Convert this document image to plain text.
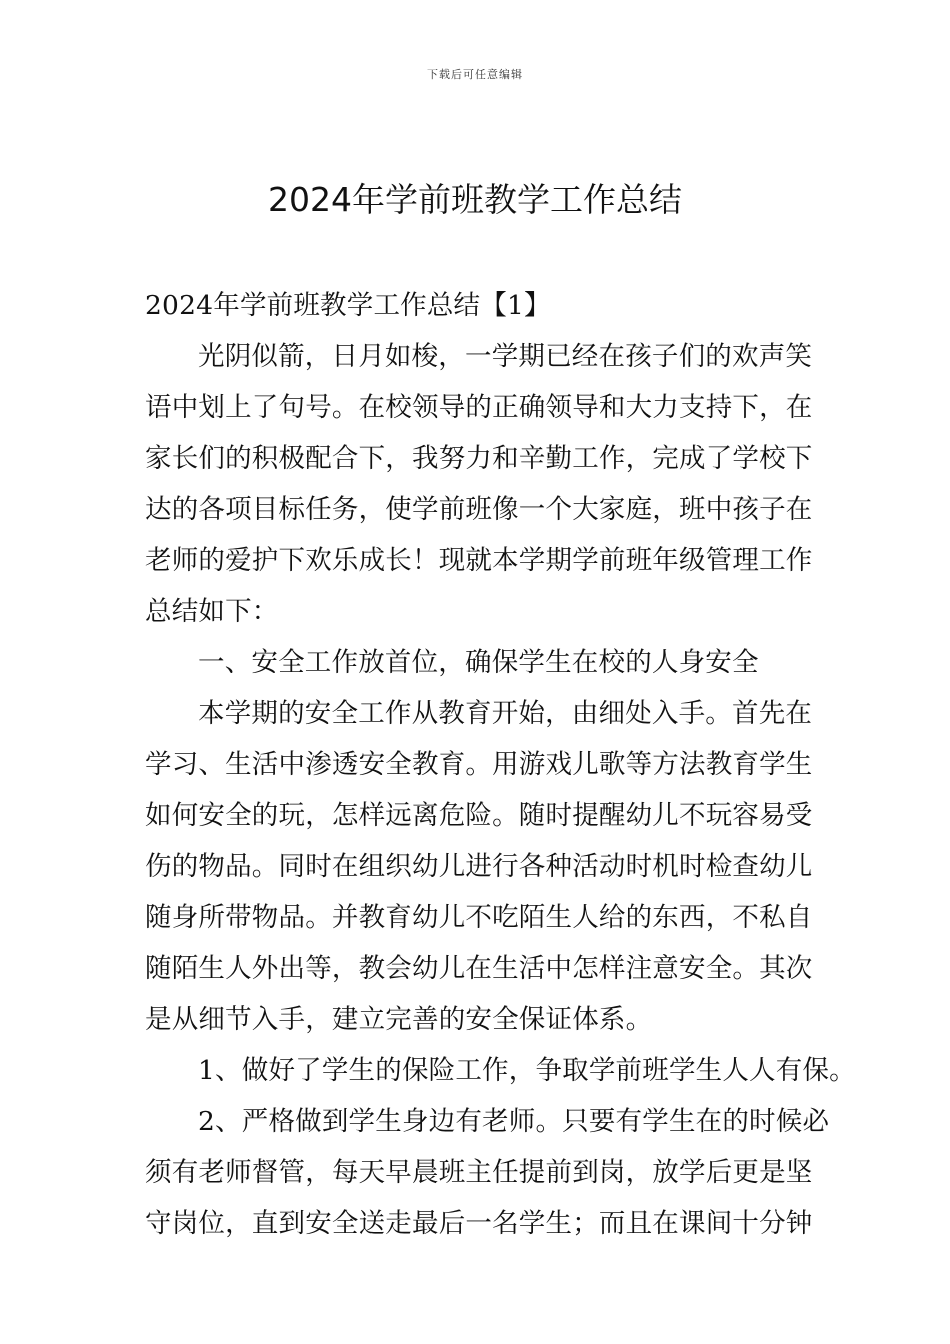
下载后可任意编辑
2024年学前班教学工作总结
2024年学前班教学工作总结【1】
光阴似箭，日月如梭，一学期已经在孩子们的欢声笑
语中划上了句号。在校领导的正确领导和大力支持下，在
家长们的积极配合下，我努力和辛勤工作，完成了学校下
达的各项目标任务，使学前班像一个大家庭，班中孩子在
老师的爱护下欢乐成长！现就本学期学前班年级管理工作
总结如下：
一、安全工作放首位，确保学生在校的人身安全
本学期的安全工作从教育开始，由细处入手。首先在
学习、生活中渗透安全教育。用游戏儿歌等方法教育学生
如何安全的玩，怎样远离危险。随时提醒幼儿不玩容易受
伤的物品。同时在组织幼儿进行各种活动时机时检查幼儿
随身所带物品。并教育幼儿不吃陌生人给的东西，不私自
随陌生人外出等，教会幼儿在生活中怎样注意安全。其次
是从细节入手，建立完善的安全保证体系。
1、做好了学生的保险工作，争取学前班学生人人有保。
2、严格做到学生身边有老师。只要有学生在的时候必
须有老师督管，每天早晨班主任提前到岗，放学后更是坚
守岗位，直到安全送走最后一名学生；而且在课间十分钟
